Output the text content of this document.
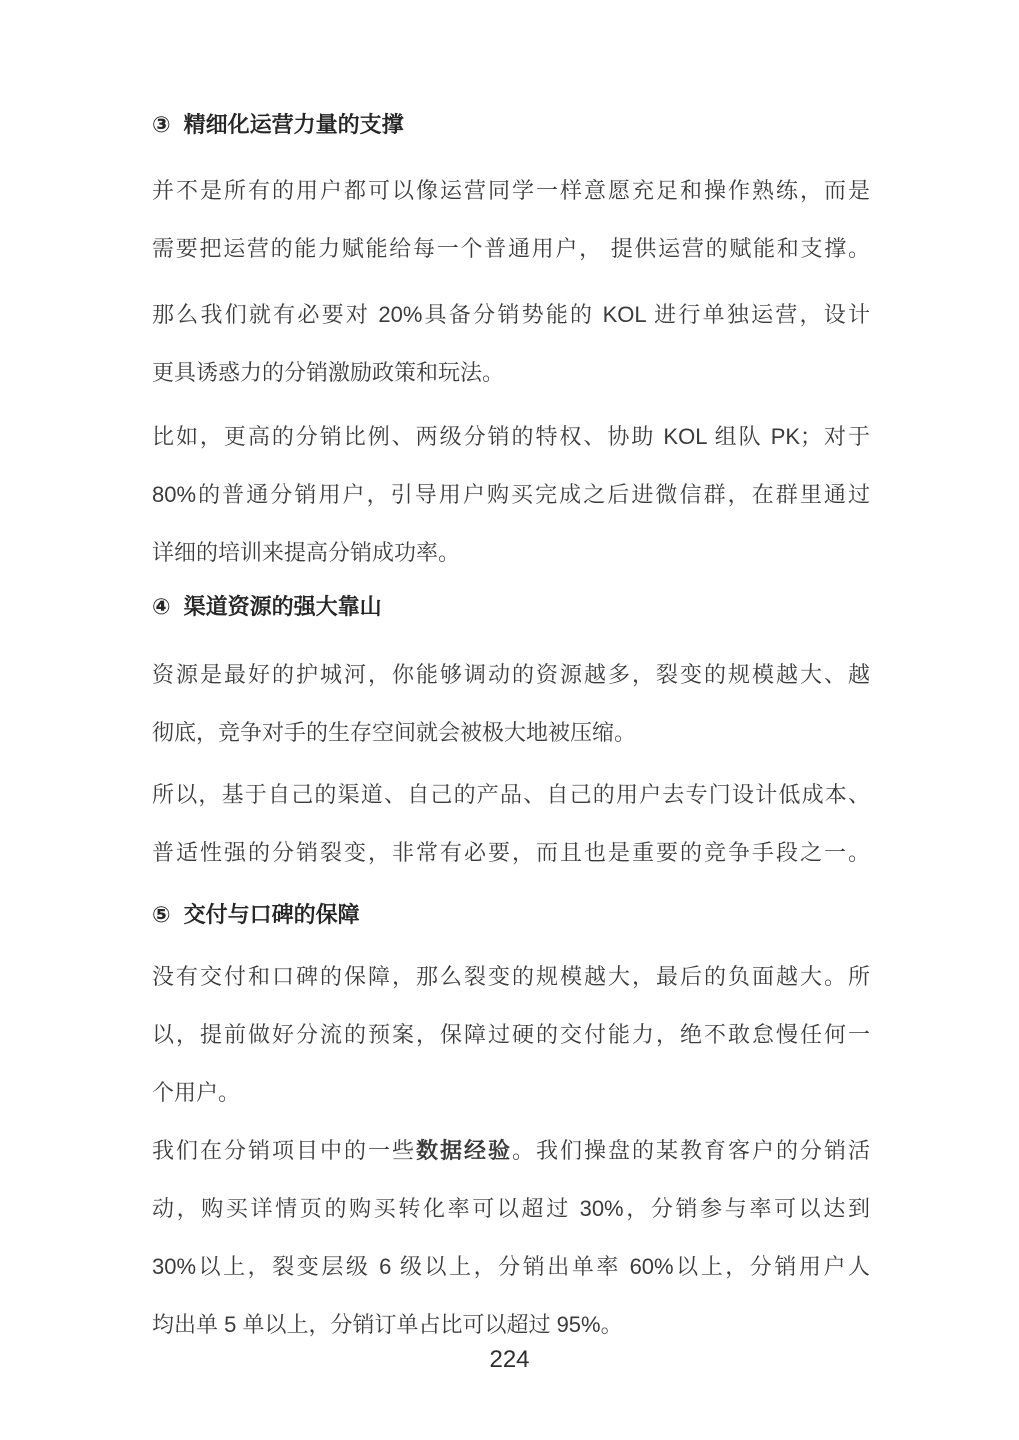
③ 精细化运营力量的支撑
并不是所有的用户都可以像运营同学一样意愿充足和操作熟练，而是
需要把运营的能力赋能给每一个普通用户， 提供运营的赋能和支撑。
那么我们就有必要对 20%具备分销势能的 KOL 进行单独运营，设计
更具诱惑力的分销激励政策和玩法。
比如，更高的分销比例、两级分销的特权、协助 KOL 组队 PK；对于
80%的普通分销用户，引导用户购买完成之后进微信群，在群里通过
详细的培训来提高分销成功率。
④ 渠道资源的强大靠山
资源是最好的护城河，你能够调动的资源越多，裂变的规模越大、越
彻底，竞争对手的生存空间就会被极大地被压缩。
所以，基于自己的渠道、自己的产品、自己的用户去专门设计低成本、
普适性强的分销裂变，非常有必要，而且也是重要的竞争手段之一。
⑤ 交付与口碑的保障
没有交付和口碑的保障，那么裂变的规模越大，最后的负面越大。所
以，提前做好分流的预案，保障过硬的交付能力，绝不敢怠慢任何一
个用户。
我们在分销项目中的一些数据经验。我们操盘的某教育客户的分销活
动，购买详情页的购买转化率可以超过 30%，分销参与率可以达到
30%以上，裂变层级 6 级以上，分销出单率 60%以上，分销用户人
均出单 5 单以上，分销订单占比可以超过 95%。
224
